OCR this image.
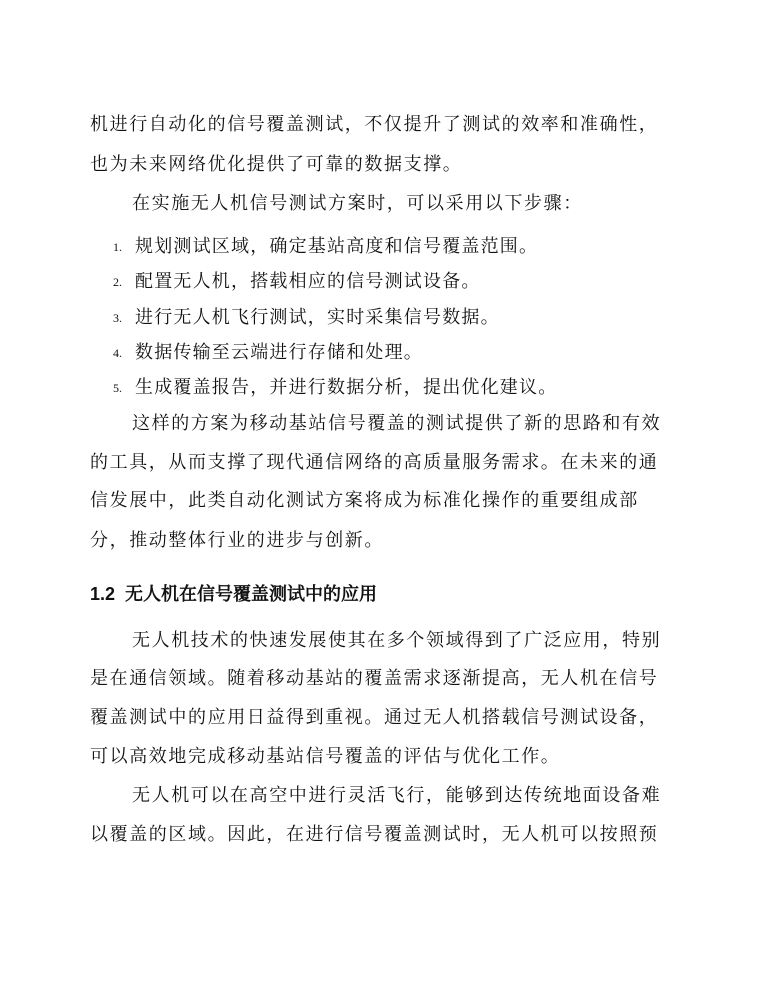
机进行自动化的信号覆盖测试，不仅提升了测试的效率和准确性，
也为未来网络优化提供了可靠的数据支撑。
在实施无人机信号测试方案时，可以采用以下步骤：
1. 规划测试区域，确定基站高度和信号覆盖范围。
2. 配置无人机，搭载相应的信号测试设备。
3. 进行无人机飞行测试，实时采集信号数据。
4. 数据传输至云端进行存储和处理。
5. 生成覆盖报告，并进行数据分析，提出优化建议。
这样的方案为移动基站信号覆盖的测试提供了新的思路和有效
的工具，从而支撑了现代通信网络的高质量服务需求。在未来的通
信发展中，此类自动化测试方案将成为标准化操作的重要组成部
分，推动整体行业的进步与创新。
1.2 无人机在信号覆盖测试中的应用
无人机技术的快速发展使其在多个领域得到了广泛应用，特别
是在通信领域。随着移动基站的覆盖需求逐渐提高，无人机在信号
覆盖测试中的应用日益得到重视。通过无人机搭载信号测试设备，
可以高效地完成移动基站信号覆盖的评估与优化工作。
无人机可以在高空中进行灵活飞行，能够到达传统地面设备难
以覆盖的区域。因此，在进行信号覆盖测试时，无人机可以按照预
